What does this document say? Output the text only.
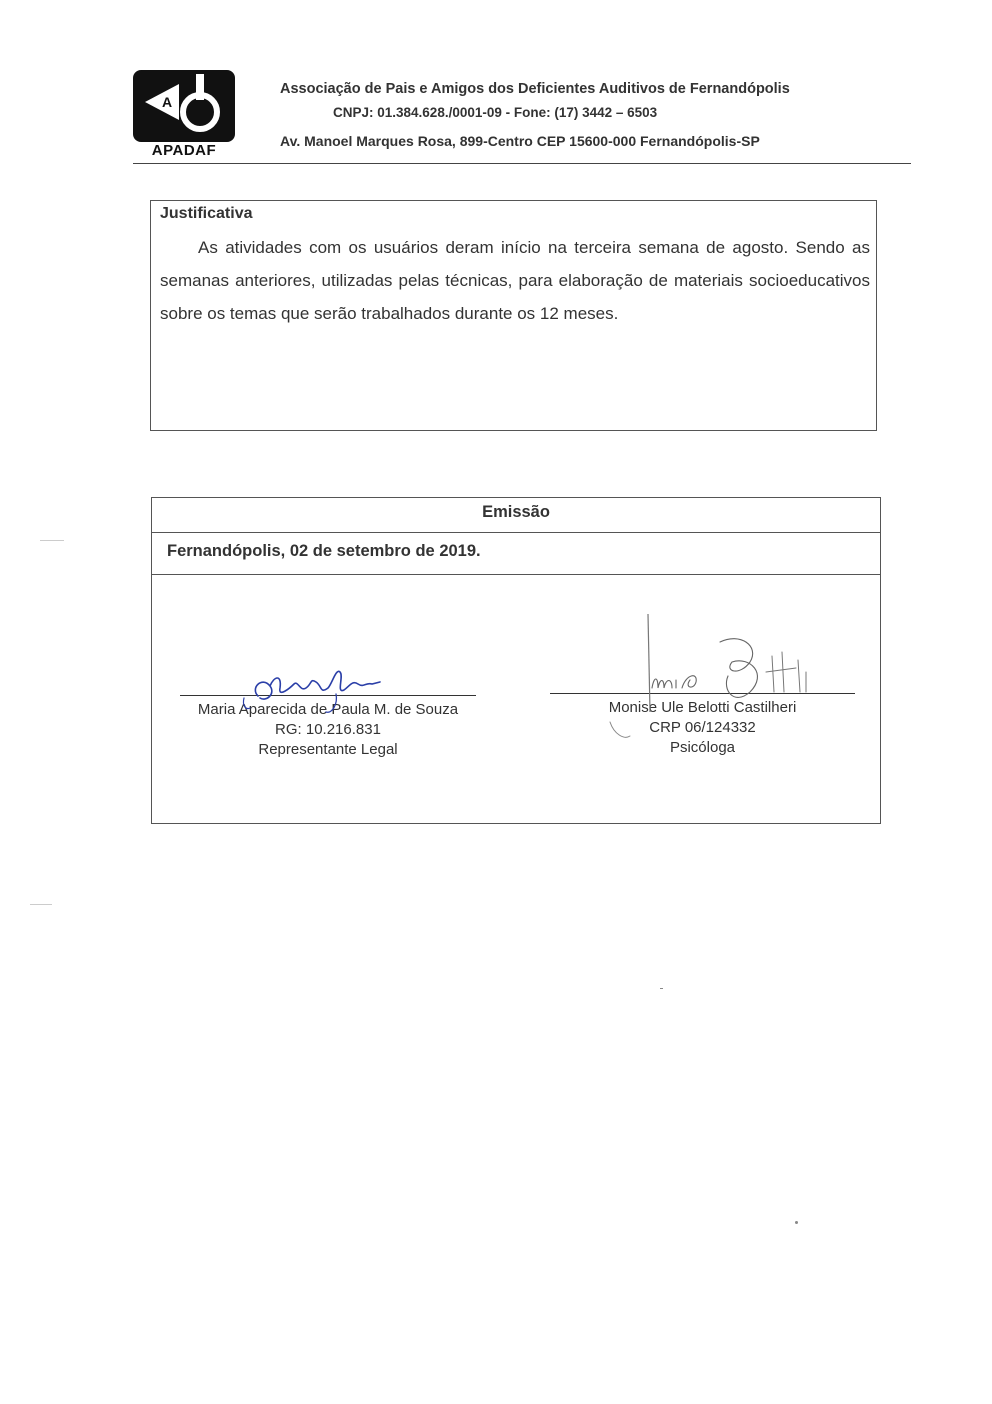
A
APADAF
Associação de Pais e Amigos dos Deficientes Auditivos de Fernandópolis
CNPJ: 01.384.628./0001-09 - Fone: (17) 3442 – 6503
Av. Manoel Marques Rosa, 899-Centro CEP 15600-000 Fernandópolis-SP
Justificativa
As atividades com os usuários deram início na terceira semana de agosto. Sendo as semanas anteriores, utilizadas pelas técnicas, para elaboração de materiais socioeducativos sobre os temas que serão trabalhados durante os 12 meses.
Emissão
Fernandópolis, 02 de setembro de 2019.
Maria Aparecida de Paula M. de Souza
RG: 10.216.831
Representante Legal
Monise Ule Belotti Castilheri
CRP 06/124332
Psicóloga
